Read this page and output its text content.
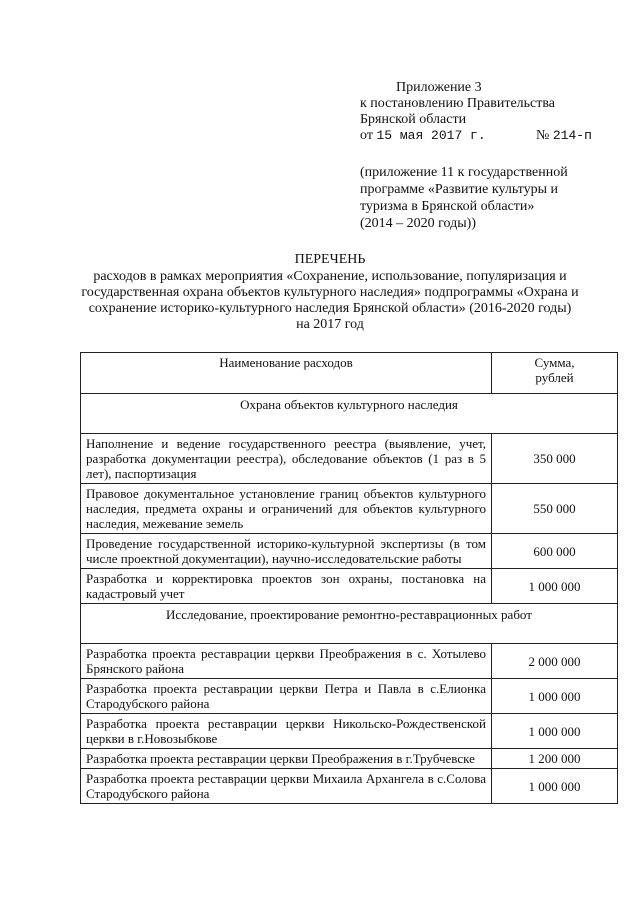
Приложение 3
к постановлению Правительства
Брянской области
от 15 мая 2017 г.	№ 214-п
(приложение 11 к государственной
программе «Развитие культуры и
туризма в Брянской области»
(2014 – 2020 годы))
ПЕРЕЧЕНЬ
расходов в рамках мероприятия «Сохранение, использование, популяризация и
государственная охрана объектов культурного наследия» подпрограммы «Охрана и
сохранение историко-культурного наследия Брянской области» (2016-2020 годы)
на 2017 год
Наименование расходов	Сумма,
рублей

Охрана объектов культурного наследия	
Наполнение и ведение государственного реестра (выявление, учет, разработка документации реестра), обследование объектов (1 раз в 5 лет), паспортизация	350 000
Правовое документальное установление границ объектов культурного наследия, предмета охраны и ограничений для объектов культурного наследия, межевание земель	550 000
Проведение государственной историко-культурной экспертизы (в том числе проектной документации), научно-исследовательские работы	600 000
Разработка и корректировка проектов зон охраны, постановка на кадастровый учет	1 000 000
Исследование, проектирование ремонтно-реставрационных работ	
Разработка проекта реставрации церкви Преображения в с. Хотылево Брянского района	2 000 000
Разработка проекта реставрации церкви Петра и Павла в с.Елионка Стародубского района	1 000 000
Разработка проекта реставрации церкви Никольско-Рождественской церкви в г.Новозыбкове	1 000 000
Разработка проекта реставрации церкви Преображения в г.Трубчевске	1 200 000
Разработка проекта реставрации церкви Михаила Архангела в с.Солова Стародубского района	1 000 000
